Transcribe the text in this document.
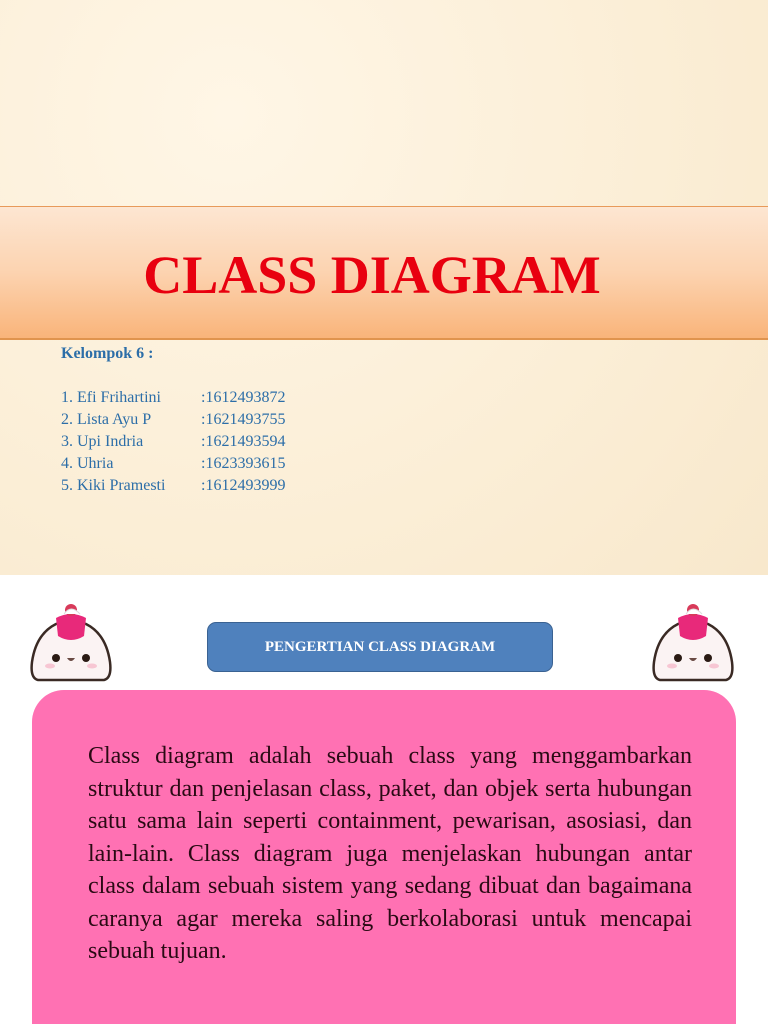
CLASS DIAGRAM
Kelompok 6 :
1. Efi Frihartini	:1612493872
2. Lista Ayu P	:1621493755
3. Upi Indria	:1621493594
4. Uhria	:1623393615
5. Kiki Pramesti	:1612493999
PENGERTIAN CLASS DIAGRAM
Class diagram adalah sebuah class yang menggambarkan struktur dan penjelasan class, paket, dan objek serta hubungan satu sama lain seperti containment, pewarisan, asosiasi, dan lain-lain. Class diagram juga menjelaskan hubungan antar class dalam sebuah sistem yang sedang dibuat dan bagaimana caranya agar mereka saling berkolaborasi untuk mencapai sebuah tujuan.
